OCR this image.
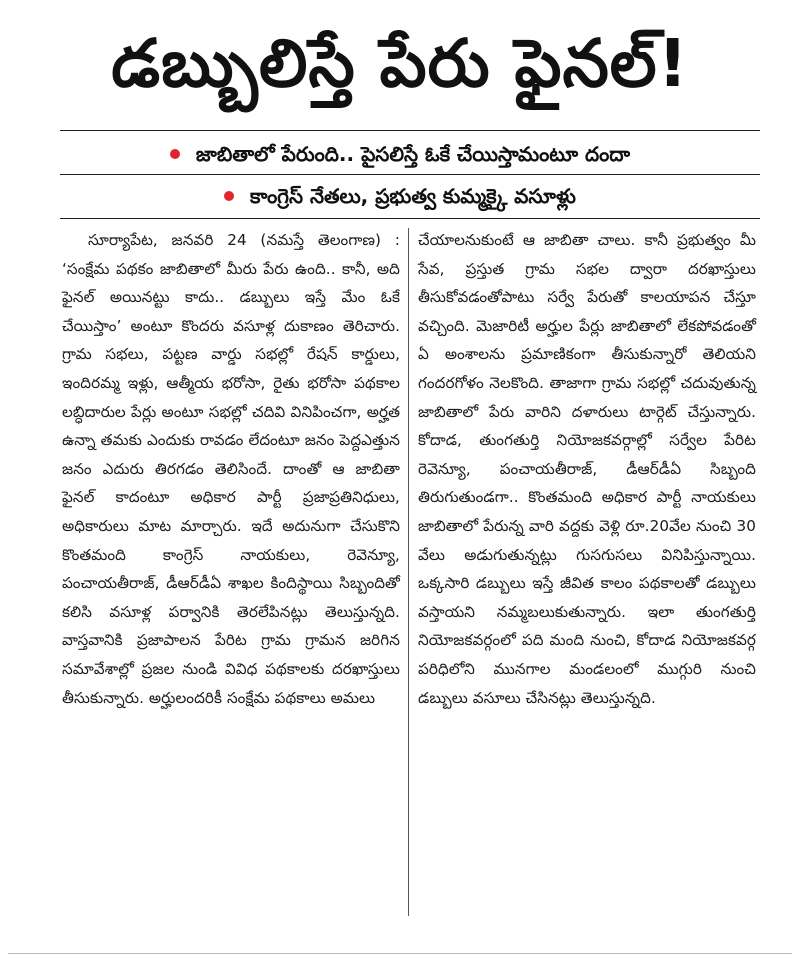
డబ్బులిస్తే పేరు ఫైనల్!
జాబితాలో పేరుంది.. పైసలిస్తే ఓకే చేయిస్తామంటూ దందా
కాంగ్రెస్ నేతలు, ప్రభుత్వ కుమ్మక్కై వసూళ్లు
సూర్యాపేట, జనవరి 24 (నమస్తే తెలంగాణ) : ‘సంక్షేమ పథకం జాబితాలో మీరు పేరు ఉంది.. కానీ, అది ఫైనల్ అయినట్టు కాదు.. డబ్బులు ఇస్తే మేం ఓకే చేయిస్తాం’ అంటూ కొందరు వసూళ్ల దుకాణం తెరిచారు. గ్రామ సభలు, పట్టణ వార్డు సభల్లో రేషన్ కార్డులు, ఇందిరమ్మ ఇళ్లు, ఆత్మీయ భరోసా, రైతు భరోసా పథకాల లబ్ధిదారుల పేర్లు అంటూ సభల్లో చదివి వినిపించగా, అర్హత ఉన్నా తమకు ఎందుకు రావడం లేదంటూ జనం పెద్దఎత్తున జనం ఎదురు తిరగడం తెలిసిందే. దాంతో ఆ జాబితా ఫైనల్ కాదంటూ అధికార పార్టీ ప్రజాప్రతినిధులు, అధికారులు మాట మార్చారు. ఇదే అదునుగా చేసుకొని కొంతమంది కాంగ్రెస్ నాయకులు, రెవెన్యూ, పంచాయతీరాజ్, డీఆర్‌డీఏ శాఖల కిందిస్థాయి సిబ్బందితో కలిసి వసూళ్ల పర్వానికి తెరలేపినట్లు తెలుస్తున్నది. వాస్తవానికి ప్రజాపాలన పేరిట గ్రామ గ్రామన జరిగిన సమావేశాల్లో ప్రజల నుండి వివిధ పథకాలకు దరఖాస్తులు తీసుకున్నారు. అర్హులందరికీ సంక్షేమ పథకాలు అమలు
చేయాలనుకుంటే ఆ జాబితా చాలు. కానీ ప్రభుత్వం మీ సేవ, ప్రస్తుత గ్రామ సభల ద్వారా దరఖాస్తులు తీసుకోవడంతోపాటు సర్వే పేరుతో కాలయాపన చేస్తూ వచ్చింది. మెజారిటీ అర్హుల పేర్లు జాబితాలో లేకపోవడంతో ఏ అంశాలను ప్రమాణికంగా తీసుకున్నారో తెలియని గందరగోళం నెలకొంది. తాజాగా గ్రామ సభల్లో చదువుతున్న జాబితాలో పేరు వారిని దళారులు టార్గెట్ చేస్తున్నారు. కోదాడ, తుంగతుర్తి నియోజకవర్గాల్లో సర్వేల పేరిట రెవెన్యూ, పంచాయతీరాజ్, డీఆర్‌డీఏ సిబ్బంది తిరుగుతుండగా.. కొంతమంది అధికార పార్టీ నాయకులు జాబితాలో పేరున్న వారి వద్దకు వెళ్లి రూ.20వేల నుంచి 30 వేలు అడుగుతున్నట్లు గుసగుసలు వినిపిస్తున్నాయి. ఒక్కసారి డబ్బులు ఇస్తే జీవిత కాలం పథకాలతో డబ్బులు వస్తాయని నమ్మబలుకుతున్నారు. ఇలా తుంగతుర్తి నియోజకవర్గంలో పది మంది నుంచి, కోదాడ నియోజకవర్గ పరిధిలోని మునగాల మండలంలో ముగ్గురి నుంచి డబ్బులు వసూలు చేసినట్లు తెలుస్తున్నది.
